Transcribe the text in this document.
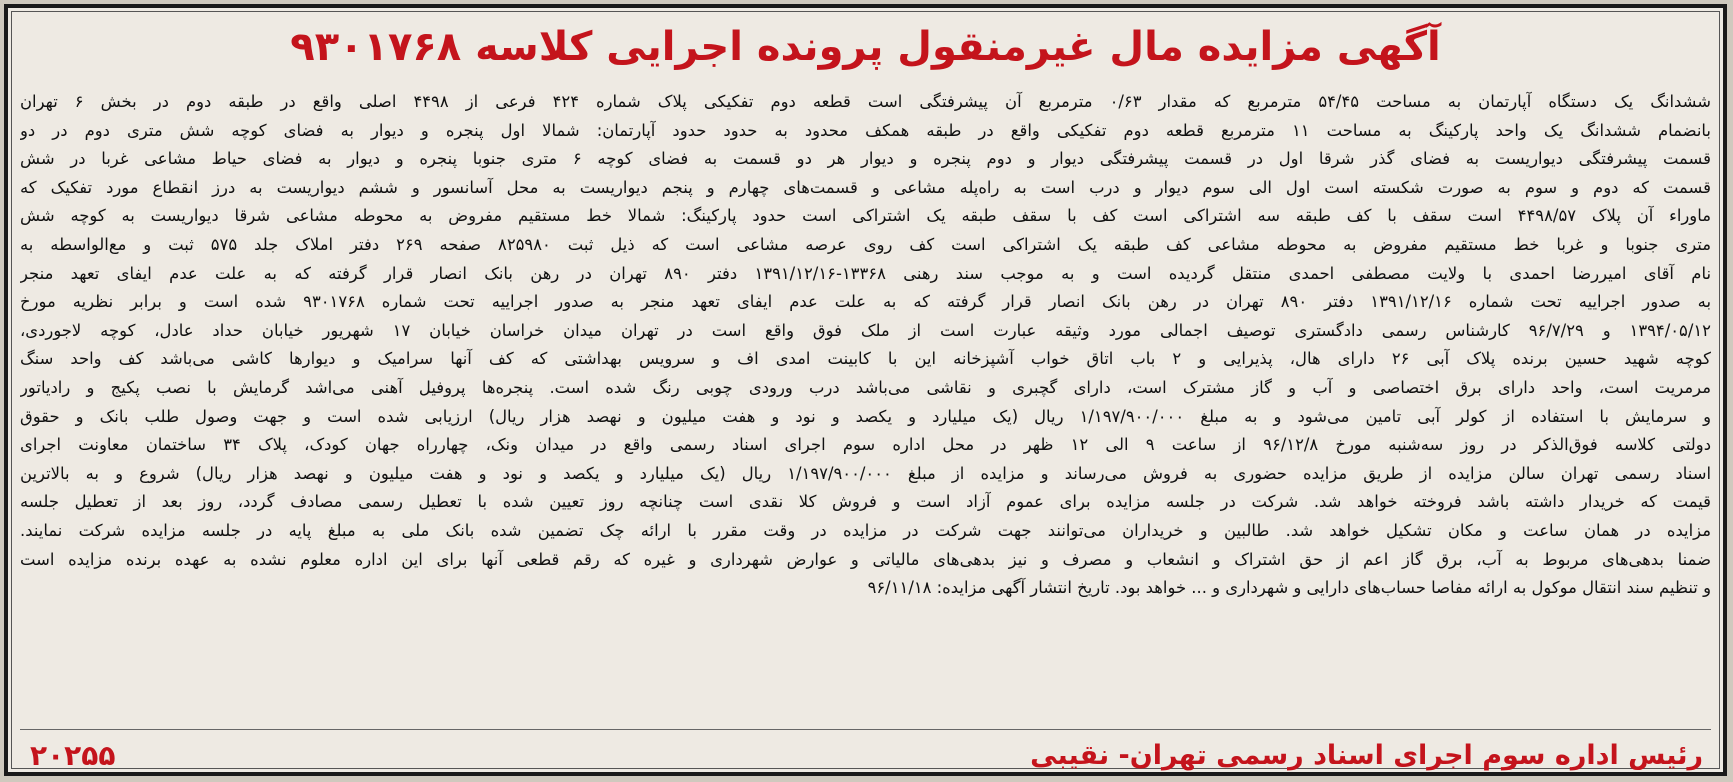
آگهی مزایده مال غیرمنقول پرونده اجرایی کلاسه ۹۳۰۱۷۶۸
ششدانگ یک دستگاه آپارتمان به مساحت ۵۴/۴۵ مترمربع که مقدار ۰/۶۳ مترمربع آن پیشرفتگی است قطعه دوم تفکیکی پلاک شماره ۴۲۴ فرعی از ۴۴۹۸ اصلی واقع در طبقه دوم در بخش ۶ تهران
بانضمام ششدانگ یک واحد پارکینگ به مساحت ۱۱ مترمربع قطعه دوم تفکیکی واقع در طبقه همکف محدود به حدود حدود آپارتمان: شمالا اول پنجره و دیوار به فضای کوچه شش متری دوم در دو
قسمت پیشرفتگی دیواریست به فضای گذر شرقا اول در قسمت پیشرفتگی دیوار و دوم پنجره و دیوار هر دو قسمت به فضای کوچه ۶ متری جنوبا پنجره و دیوار به فضای حیاط مشاعی غربا در شش
قسمت که دوم و سوم به صورت شکسته است اول الی سوم دیوار و درب است به راه‌پله مشاعی و قسمت‌های چهارم و پنجم دیواریست به محل آسانسور و ششم دیواریست به درز انقطاع مورد تفکیک که
ماوراء آن پلاک ۴۴۹۸/۵۷ است سقف با کف طبقه سه اشتراکی است کف با سقف طبقه یک اشتراکی است حدود پارکینگ: شمالا خط مستقیم مفروض به محوطه مشاعی شرقا دیواریست به کوچه شش
متری جنوبا و غربا خط مستقیم مفروض به محوطه مشاعی کف طبقه یک اشتراکی است کف روی عرصه مشاعی است که ذیل ثبت ۸۲۵۹۸۰ صفحه ۲۶۹ دفتر املاک جلد ۵۷۵ ثبت و مع‌الواسطه به
نام آقای امیررضا احمدی با ولایت مصطفی احمدی منتقل گردیده است و به موجب سند رهنی ۱۳۳۶۸-۱۳۹۱/۱۲/۱۶ دفتر ۸۹۰ تهران در رهن بانک انصار قرار گرفته که به علت عدم ایفای تعهد منجر
به صدور اجراییه تحت شماره ۱۳۹۱/۱۲/۱۶ دفتر ۸۹۰ تهران در رهن بانک انصار قرار گرفته که به علت عدم ایفای تعهد منجر به صدور اجراییه تحت شماره ۹۳۰۱۷۶۸ شده است و برابر نظریه مورخ
۱۳۹۴/۰۵/۱۲ و ۹۶/۷/۲۹ کارشناس رسمی دادگستری توصیف اجمالی مورد وثیقه عبارت است از ملک فوق واقع است در تهران میدان خراسان خیابان ۱۷ شهریور خیابان حداد عادل، کوچه لاجوردی،
کوچه شهید حسین برنده پلاک آبی ۲۶ دارای هال، پذیرایی و ۲ باب اتاق خواب آشپزخانه این با کابینت امدی اف و سرویس بهداشتی که کف آنها سرامیک و دیوارها کاشی می‌باشد کف واحد سنگ
مرمریت است، واحد دارای برق اختصاصی و آب و گاز مشترک است، دارای گچبری و نقاشی می‌باشد درب ورودی چوبی رنگ شده است. پنجره‌ها پروفیل آهنی می‌اشد گرمایش با نصب پکیج و رادیاتور
و سرمایش با استفاده از کولر آبی تامین می‌شود و به مبلغ ۱/۱۹۷/۹۰۰/۰۰۰ ریال (یک میلیارد و یکصد و نود و هفت میلیون و نهصد هزار ریال) ارزیابی شده است و جهت وصول طلب بانک و حقوق
دولتی کلاسه فوق‌الذکر در روز سه‌شنبه مورخ ۹۶/۱۲/۸ از ساعت ۹ الی ۱۲ ظهر در محل اداره سوم اجرای اسناد رسمی واقع در میدان ونک، چهارراه جهان کودک، پلاک ۳۴ ساختمان معاونت اجرای
اسناد رسمی تهران سالن مزایده از طریق مزایده حضوری به فروش می‌رساند و مزایده از مبلغ ۱/۱۹۷/۹۰۰/۰۰۰ ریال (یک میلیارد و یکصد و نود و هفت میلیون و نهصد هزار ریال) شروع و به بالاترین
قیمت که خریدار داشته باشد فروخته خواهد شد. شرکت در جلسه مزایده برای عموم آزاد است و فروش کلا نقدی است چنانچه روز تعیین شده با تعطیل رسمی مصادف گردد، روز بعد از تعطیل جلسه
مزایده در همان ساعت و مکان تشکیل خواهد شد. طالبین و خریداران می‌توانند جهت شرکت در مزایده در وقت مقرر با ارائه چک تضمین شده بانک ملی به مبلغ پایه در جلسه مزایده شرکت نمایند.
ضمنا بدهی‌های مربوط به آب، برق گاز اعم از حق اشتراک و انشعاب و مصرف و نیز بدهی‌های مالیاتی و عوارض شهرداری و غیره که رقم قطعی آنها برای این اداره معلوم نشده به عهده برنده مزایده است
و تنظیم سند انتقال موکول به ارائه مفاصا حساب‌های دارایی و شهرداری و ... خواهد بود. تاریخ انتشار آگهی مزایده: ۹۶/۱۱/۱۸
رئیس اداره سوم اجرای اسناد رسمی تهران- نقیبی
۲۰۲۵۵
